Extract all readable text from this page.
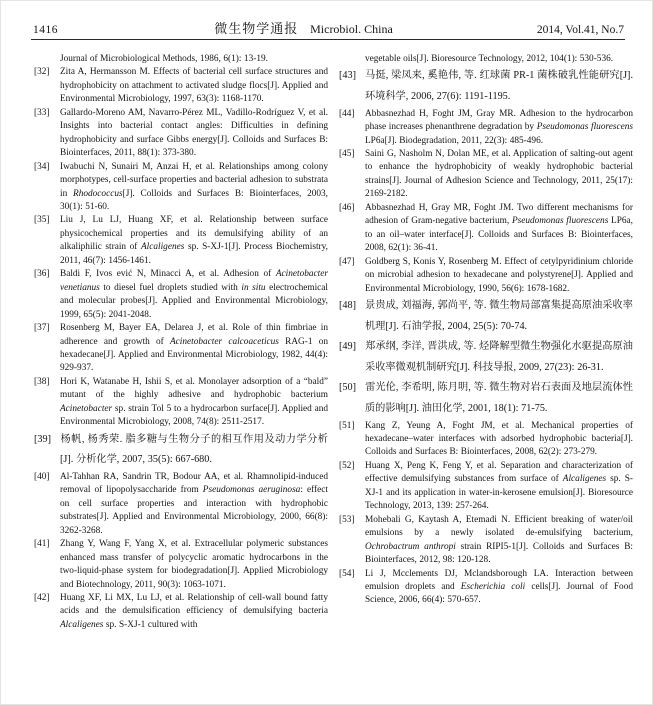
1416	微生物学通报 Microbiol. China	2014, Vol.41, No.7
Journal of Microbiological Methods, 1986, 6(1): 13-19.
[32] Zita A, Hermansson M. Effects of bacterial cell surface structures and hydrophobicity on attachment to activated sludge flocs[J]. Applied and Environmental Microbiology, 1997, 63(3): 1168-1170.
[33] Gallardo-Moreno AM, Navarro-Pérez ML, Vadillo-Rodríguez V, et al. Insights into bacterial contact angles: Difficulties in defining hydrophobicity and surface Gibbs energy[J]. Colloids and Surfaces B: Biointerfaces, 2011, 88(1): 373-380.
[34] Iwabuchi N, Sunairi M, Anzai H, et al. Relationships among colony morphotypes, cell-surface properties and bacterial adhesion to substrata in Rhodococcus[J]. Colloids and Surfaces B: Biointerfaces, 2003, 30(1): 51-60.
[35] Liu J, Lu LJ, Huang XF, et al. Relationship between surface physicochemical properties and its demulsifying ability of an alkaliphilic strain of Alcaligenes sp. S-XJ-1[J]. Process Biochemistry, 2011, 46(7): 1456-1461.
[36] Baldi F, Ivos ević N, Minacci A, et al. Adhesion of Acinetobacter venetianus to diesel fuel droplets studied with in situ electrochemical and molecular probes[J]. Applied and Environmental Microbiology, 1999, 65(5): 2041-2048.
[37] Rosenberg M, Bayer EA, Delarea J, et al. Role of thin fimbriae in adherence and growth of Acinetobacter calcoaceticus RAG-1 on hexadecane[J]. Applied and Environmental Microbiology, 1982, 44(4): 929-937.
[38] Hori K, Watanabe H, Ishii S, et al. Monolayer adsorption of a “bald” mutant of the highly adhesive and hydrophobic bacterium Acinetobacter sp. strain Tol 5 to a hydrocarbon surface[J]. Applied and Environmental Microbiology, 2008, 74(8): 2511-2517.
[39] 杨帆, 杨秀荣. 脂多糖与生物分子的相互作用及动力学分析[J]. 分析化学, 2007, 35(5): 667-680.
[40] Al-Tahhan RA, Sandrin TR, Bodour AA, et al. Rhamnolipid-induced removal of lipopolysaccharide from Pseudomonas aeruginosa: effect on cell surface properties and interaction with hydrophobic substrates[J]. Applied and Environmental Microbiology, 2000, 66(8): 3262-3268.
[41] Zhang Y, Wang F, Yang X, et al. Extracellular polymeric substances enhanced mass transfer of polycyclic aromatic hydrocarbons in the two-liquid-phase system for biodegradation[J]. Applied Microbiology and Biotechnology, 2011, 90(3): 1063-1071.
[42] Huang XF, Li MX, Lu LJ, et al. Relationship of cell-wall bound fatty acids and the demulsification efficiency of demulsifying bacteria Alcaligenes sp. S-XJ-1 cultured with
vegetable oils[J]. Bioresource Technology, 2012, 104(1): 530-536.
[43] 马挺, 梁凤来, 奚艳伟, 等. 红球菌 PR-1 菌株破乳性能研究[J]. 环境科学, 2006, 27(6): 1191-1195.
[44] Abbasnezhad H, Foght JM, Gray MR. Adhesion to the hydrocarbon phase increases phenanthrene degradation by Pseudomonas fluorescens LP6a[J]. Biodegradation, 2011, 22(3): 485-496.
[45] Saini G, Nasholm N, Dolan ME, et al. Application of salting-out agent to enhance the hydrophobicity of weakly hydrophobic bacterial strains[J]. Journal of Adhesion Science and Technology, 2011, 25(17): 2169-2182.
[46] Abbasnezhad H, Gray MR, Foght JM. Two different mechanisms for adhesion of Gram-negative bacterium, Pseudomonas fluorescens LP6a, to an oil–water interface[J]. Colloids and Surfaces B: Biointerfaces, 2008, 62(1): 36-41.
[47] Goldberg S, Konis Y, Rosenberg M. Effect of cetylpyridinium chloride on microbial adhesion to hexadecane and polystyrene[J]. Applied and Environmental Microbiology, 1990, 56(6): 1678-1682.
[48] 景贵成, 刘福海, 郭尚平, 等. 微生物局部富集提高原油采收率机理[J]. 石油学报, 2004, 25(5): 70-74.
[49] 郑承纲, 李洋, 晋洪成, 等. 烃降解型微生物强化水驱提高原油采收率微观机制研究[J]. 科技导报, 2009, 27(23): 26-31.
[50] 雷光伦, 李希明, 陈月明, 等. 微生物对岩石表面及地层流体性质的影响[J]. 油田化学, 2001, 18(1): 71-75.
[51] Kang Z, Yeung A, Foght JM, et al. Mechanical properties of hexadecane–water interfaces with adsorbed hydrophobic bacteria[J]. Colloids and Surfaces B: Biointerfaces, 2008, 62(2): 273-279.
[52] Huang X, Peng K, Feng Y, et al. Separation and characterization of effective demulsifying substances from surface of Alcaligenes sp. S-XJ-1 and its application in water-in-kerosene emulsion[J]. Bioresource Technology, 2013, 139: 257-264.
[53] Mohebali G, Kaytash A, Etemadi N. Efficient breaking of water/oil emulsions by a newly isolated de-emulsifying bacterium, Ochrobactrum anthropi strain RIPI5-1[J]. Colloids and Surfaces B: Biointerfaces, 2012, 98: 120-128.
[54] Li J, Mcclements DJ, Mclandsborough LA. Interaction between emulsion droplets and Escherichia coli cells[J]. Journal of Food Science, 2006, 66(4): 570-657.
